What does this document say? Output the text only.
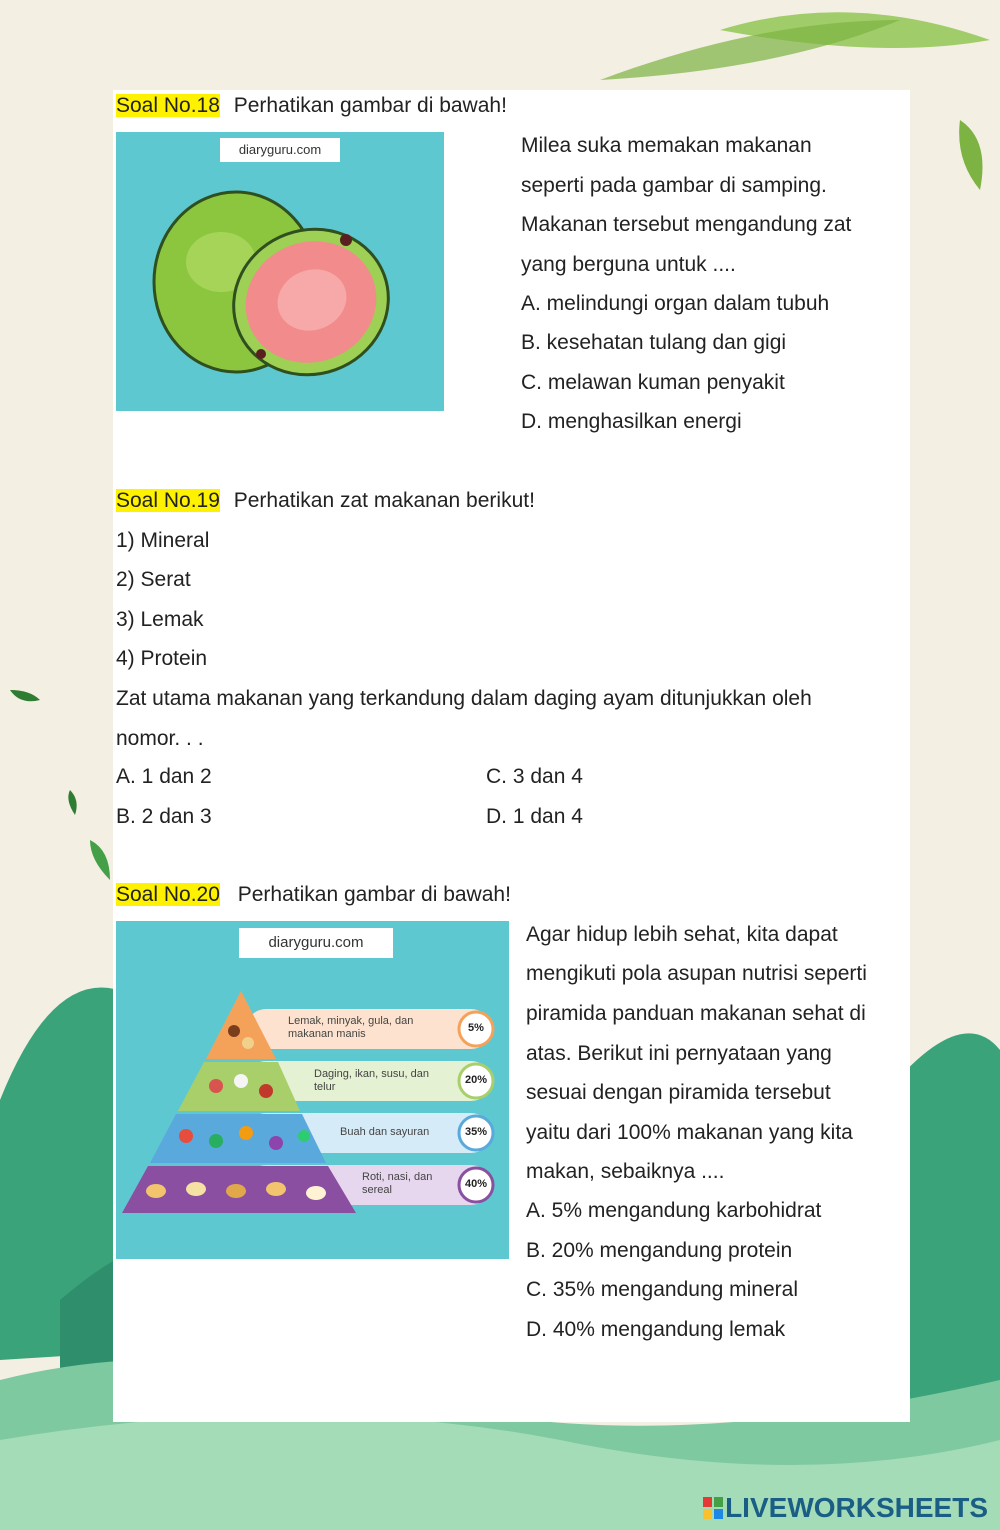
Soal No.18 Perhatikan gambar di bawah!
diaryguru.com	Milea suka memakan makanan
seperti pada gambar di samping.
Makanan tersebut mengandung zat
yang berguna untuk ....
A. melindungi organ dalam tubuh
B. kesehatan tulang dan gigi
C. melawan kuman penyakit
D. menghasilkan energi
Soal No.19 Perhatikan zat makanan berikut!
1) Mineral
2) Serat
3) Lemak
4) Protein
Zat utama makanan yang terkandung dalam daging ayam ditunjukkan oleh
nomor. . .
A. 1 dan 2
B. 2 dan 3
C. 3 dan 4
D. 1 dan 4
Soal No.20 Perhatikan gambar di bawah!
diaryguru.com
Lemak, minyak, gula, dan
makanan manis
Daging, ikan, susu, dan
telur
Buah dan sayuran
Roti, nasi, dan
sereal
5%
20%
35%
40%
Agar hidup lebih sehat, kita dapat
mengikuti pola asupan nutrisi seperti
piramida panduan makanan sehat di
atas. Berikut ini pernyataan yang
sesuai dengan piramida tersebut
yaitu dari 100% makanan yang kita
makan, sebaiknya ....
A. 5% mengandung karbohidrat
B. 20% mengandung protein
C. 35% mengandung mineral
D. 40% mengandung lemak
LIVEWORKSHEETS
